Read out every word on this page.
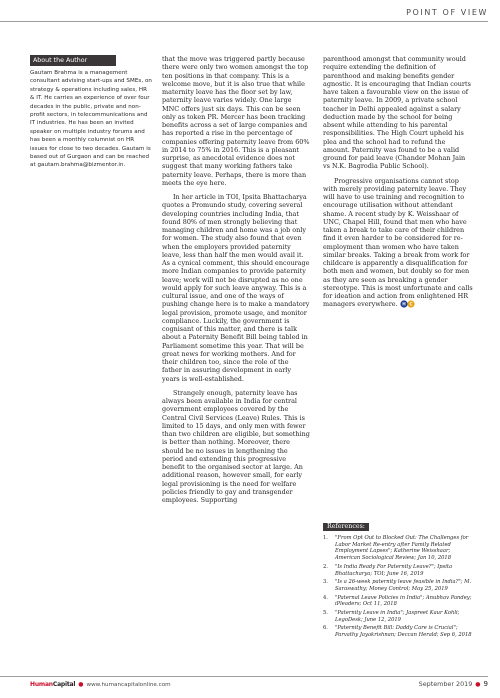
POINT OF VIEW
About the Author
Gautam Brahma is a management consultant advising start-ups and SMEs, on strategy & operations including sales, HR & IT. He carries an experience of over four decades in the public, private and non-profit sectors, in telecommunications and IT industries. He has been an invited speaker on multiple industry forums and has been a monthly columnist on HR issues for close to two decades. Gautam is based out of Gurgaon and can be reached at gautam.brahma@bizmentor.in.

that the move was triggered partly because there were only two women amongst the top ten positions in that company. This is a welcome move, but it is also true that while maternity leave has the floor set by law, paternity leave varies widely. One large MNC offers just six days. This can be seen only as token PR. Mercer has been tracking benefits across a set of large companies and has reported a rise in the percentage of companies offering paternity leave from 60% in 2014 to 75% in 2016. This is a pleasant surprise, as anecdotal evidence does not suggest that many working fathers take paternity leave. Perhaps, there is more than meets the eye here.

In her article in TOI, Ipsita Bhattacharya quotes a Promundo study, covering several developing countries including India, that found 80% of men strongly believing that managing children and home was a job only for women. The study also found that even when the employers provided paternity leave, less than half the men would avail it. As a cynical comment, this should encourage more Indian companies to provide paternity leave; work will not be disrupted as no one would apply for such leave anyway. This is a cultural issue, and one of the ways of pushing change here is to make a mandatory legal provision, promote usage, and monitor compliance. Luckily, the government is cognisant of this matter, and there is talk about a Paternity Benefit Bill being tabled in Parliament sometime this year. That will be great news for working mothers. And for their children too, since the role of the father in assuring development in early years is well-established.

Strangely enough, paternity leave has always been available in India for central government employees covered by the Central Civil Services (Leave) Rules. This is limited to 15 days, and only men with fewer than two children are eligible, but something is better than nothing. Moreover, there should be no issues in lengthening the period and extending this progressive benefit to the organised sector at large. An additional reason, however small, for early legal provisioning is the need for welfare policies friendly to gay and transgender employees. Supporting

parenthood amongst that community would require extending the definition of parenthood and making benefits gender agnostic. It is encouraging that Indian courts have taken a favourable view on the issue of paternity leave. In 2009, a private school teacher in Delhi appealed against a salary deduction made by the school for being absent while attending to his parental responsibilities. The High Court upheld his plea and the school had to refund the amount. Paternity was found to be a valid ground for paid leave (Chander Mohan Jain vs N.K. Bagrodia Public School).

Progressive organisations cannot stop with merely providing paternity leave. They will have to use training and recognition to encourage utilisation without attendant shame. A recent study by K. Weisshaar of UNC, Chapel Hill, found that men who have taken a break to take care of their children find it even harder to be considered for re-employment than women who have taken similar breaks. Taking a break from work for childcare is apparently a disqualification for both men and women, but doubly so for men as they are seen as breaking a gender stereotype. This is most unfortunate and calls for ideation and action from enlightened HR managers everywhere. H C

References:
1. "From Opt Out to Blocked Out: The Challenges for Labor Market Re-entry after Family Related Employment Lapses"; Katherine Weisshaar; American Sociological Review; Jan 10, 2018
2. "Is India Ready For Paternity Leave?"; Ipsita Bhattacharya; TOI; June 16, 2019
3. "Is a 26-week paternity leave feasible in India?"; M. Saraswathy; Money Control; May 25, 2019
4. "Paternal Leave Policies in India"; Anubhav Pandey; iPleaders; Oct 11, 2018
5. "Paternity Leave in India"; Jaspreet Kaur Kohli; LegoDesk; June 12, 2019
6. "Paternity Benefit Bill: Daddy Care is Crucial"; Parvathy Jayakrishnan; Deccan Herald; Sep 6, 2018
HumanCapital ● www.humancapitalonline.com	September 2019 ● 9
